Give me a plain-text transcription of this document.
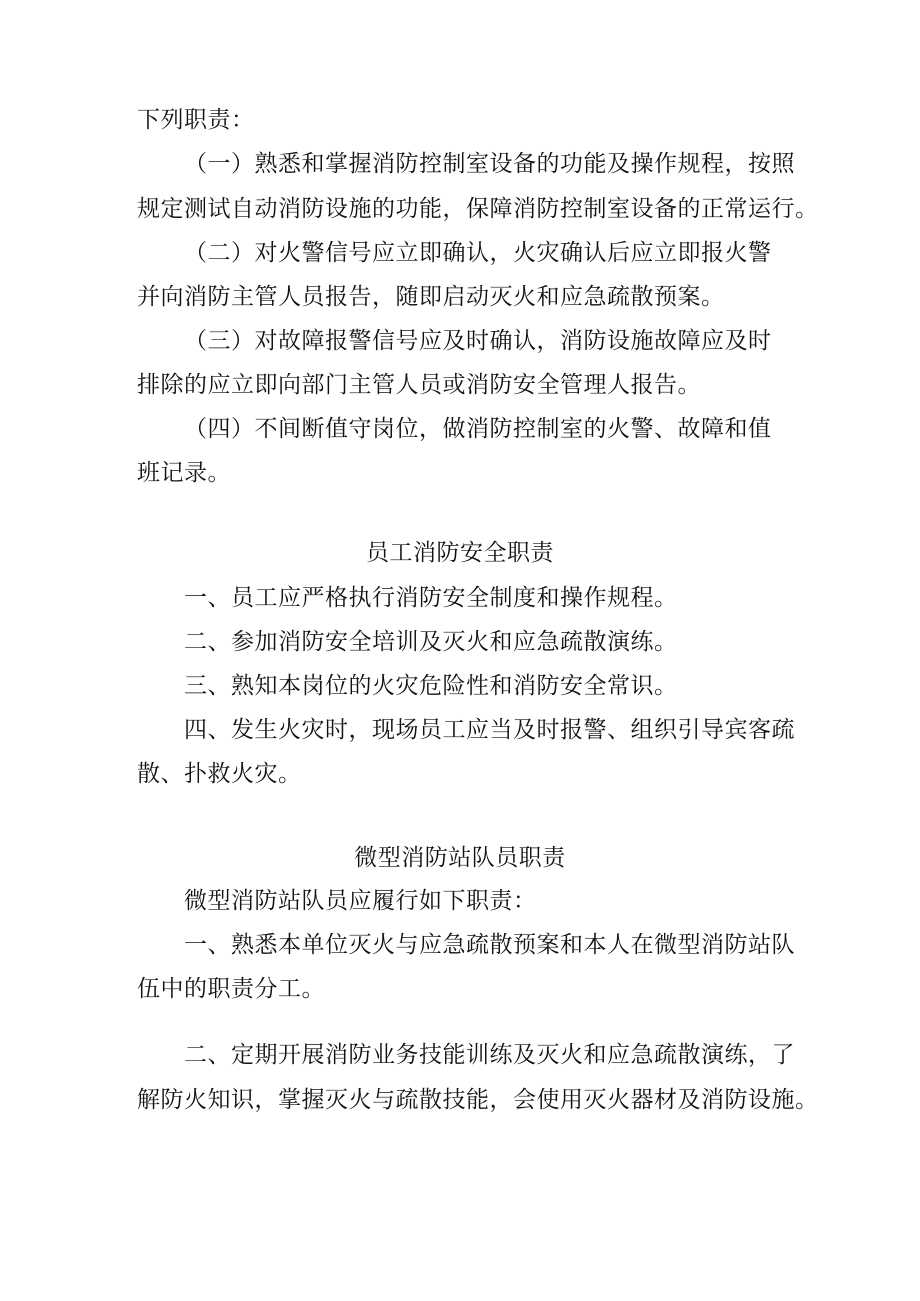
下列职责：
（一）熟悉和掌握消防控制室设备的功能及操作规程，按照
规定测试自动消防设施的功能，保障消防控制室设备的正常运行。
（二）对火警信号应立即确认，火灾确认后应立即报火警
并向消防主管人员报告，随即启动灭火和应急疏散预案。
（三）对故障报警信号应及时确认，消防设施故障应及时
排除的应立即向部门主管人员或消防安全管理人报告。
（四）不间断值守岗位，做消防控制室的火警、故障和值
班记录。
员工消防安全职责
一、员工应严格执行消防安全制度和操作规程。
二、参加消防安全培训及灭火和应急疏散演练。
三、熟知本岗位的火灾危险性和消防安全常识。
四、发生火灾时，现场员工应当及时报警、组织引导宾客疏
散、扑救火灾。
微型消防站队员职责
微型消防站队员应履行如下职责：
一、熟悉本单位灭火与应急疏散预案和本人在微型消防站队
伍中的职责分工。
二、定期开展消防业务技能训练及灭火和应急疏散演练，了
解防火知识，掌握灭火与疏散技能，会使用灭火器材及消防设施。
